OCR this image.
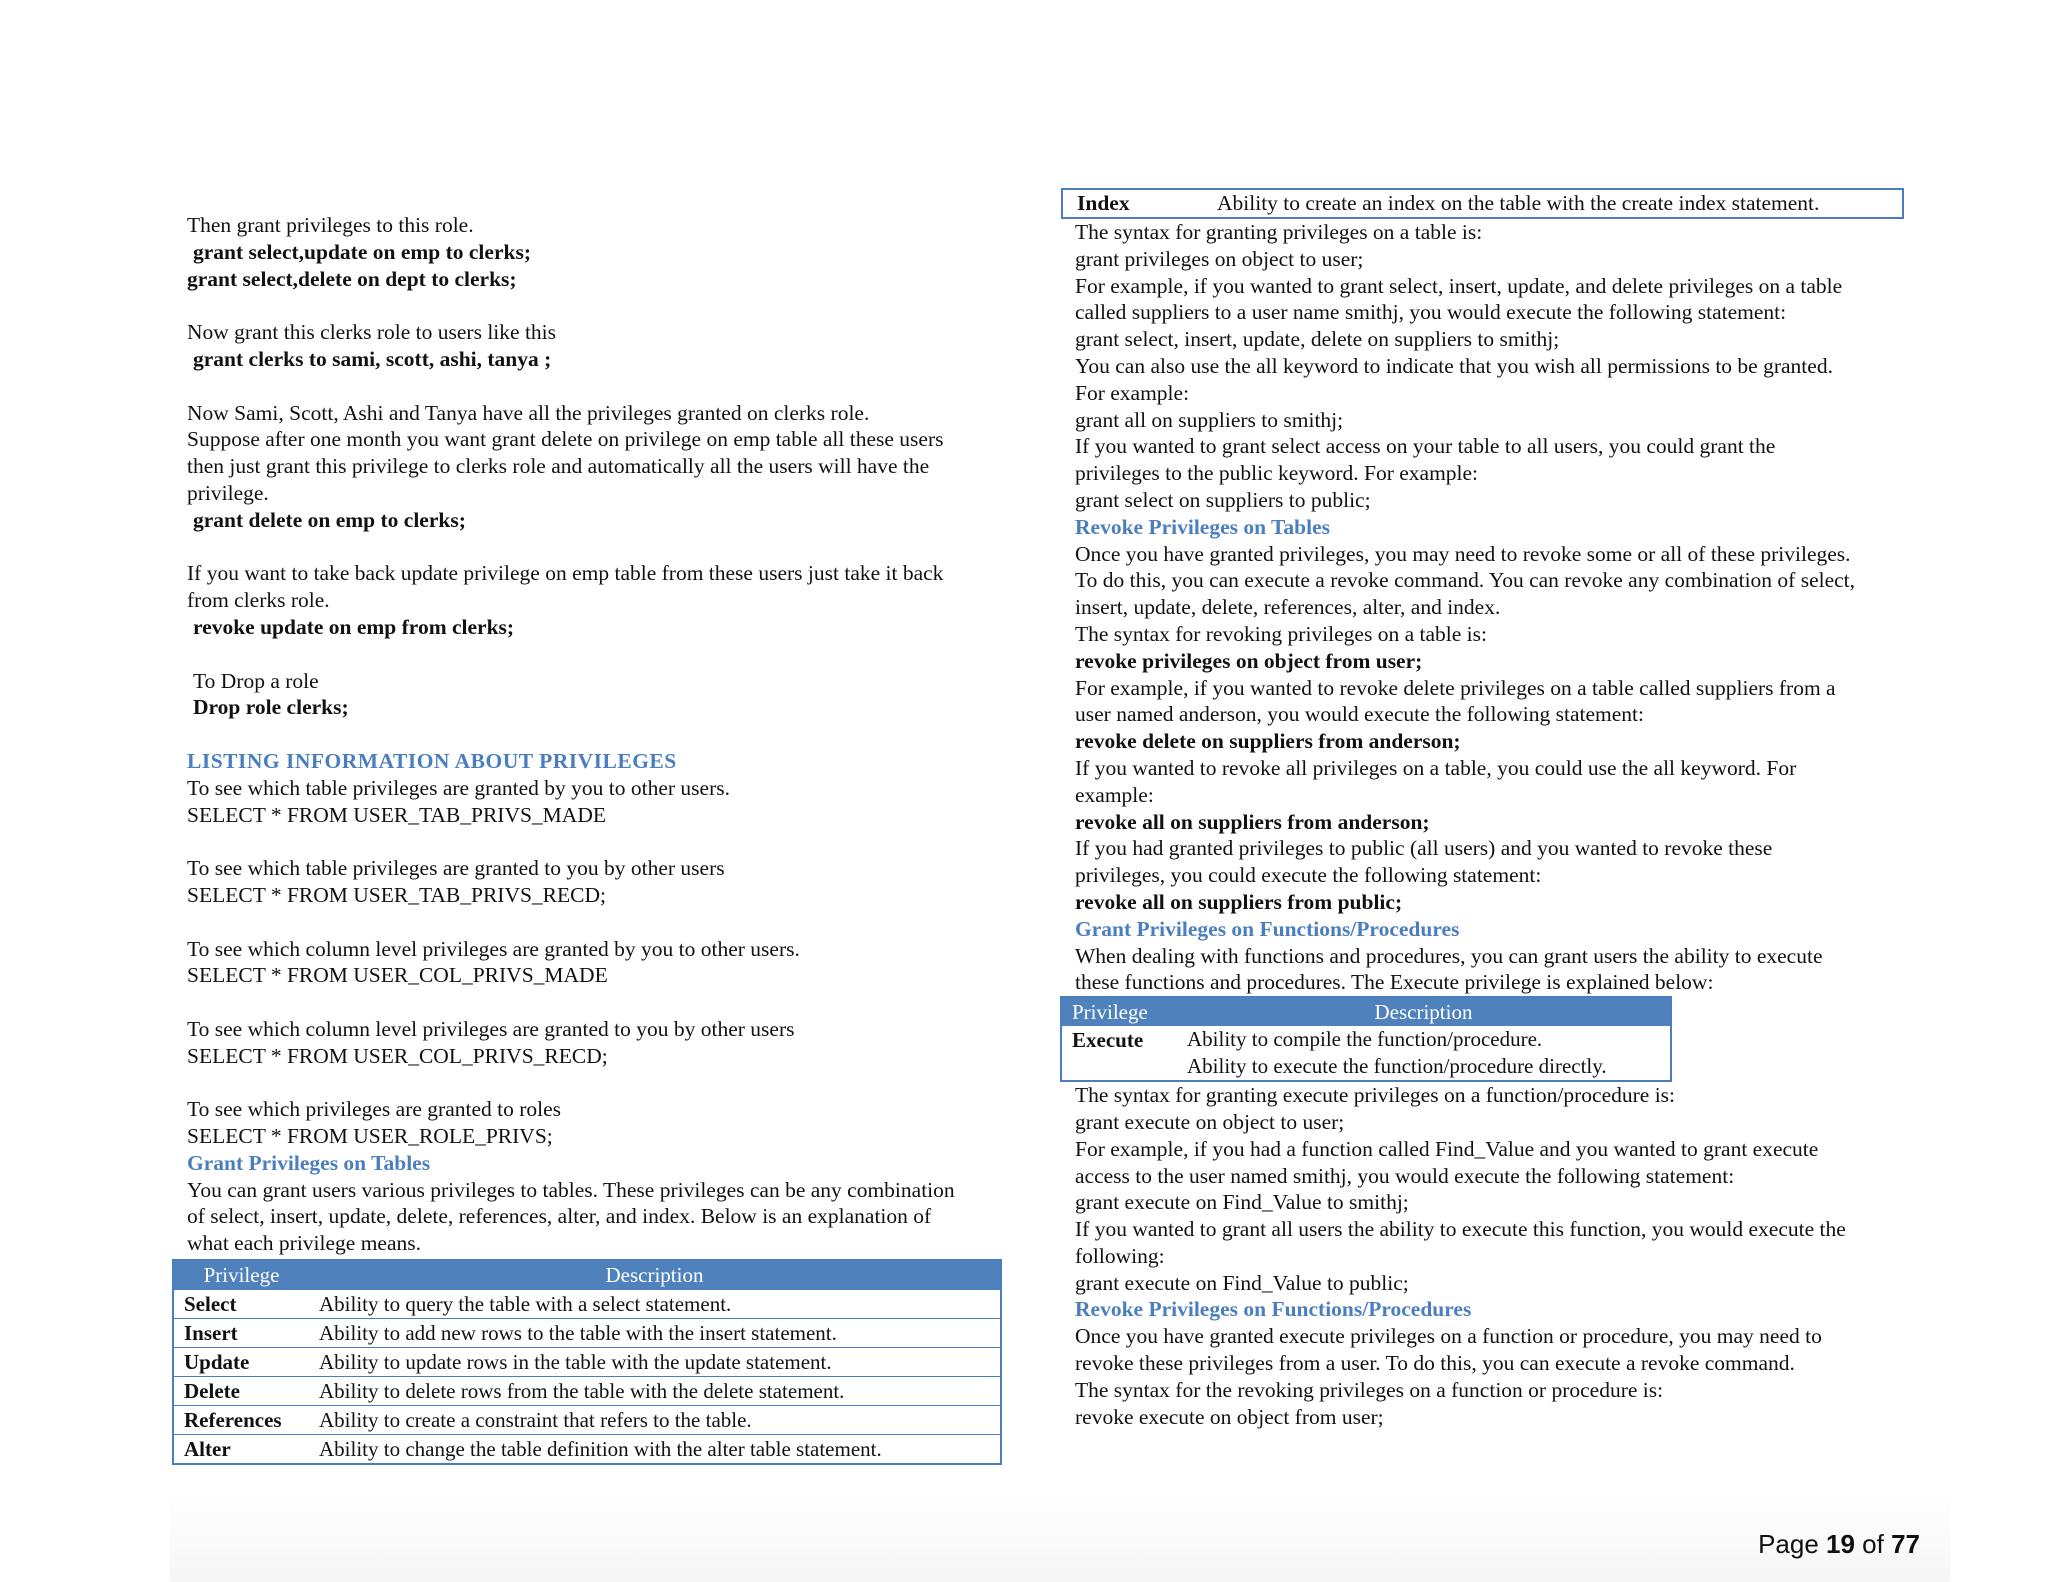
Then grant privileges to this role.

grant select,update on emp to clerks;

grant select,delete on dept to clerks;

Now grant this clerks role to users like this

grant clerks to sami, scott, ashi, tanya ;

Now Sami, Scott, Ashi and Tanya have all the privileges granted on clerks role.

Suppose after one month you want grant delete on privilege on emp table all these users

then just grant this privilege to clerks role and automatically all the users will have the

privilege.

grant delete on emp to clerks;

If you want to take back update privilege on emp table from these users just take it back

from clerks role.

revoke update on emp from clerks;

To Drop a role

Drop role clerks;

LISTING INFORMATION ABOUT PRIVILEGES

To see which table privileges are granted by you to other users.

SELECT * FROM USER_TAB_PRIVS_MADE

To see which table privileges are granted to you by other users

SELECT * FROM USER_TAB_PRIVS_RECD;

To see which column level privileges are granted by you to other users.

SELECT * FROM USER_COL_PRIVS_MADE

To see which column level privileges are granted to you by other users

SELECT * FROM USER_COL_PRIVS_RECD;

To see which privileges are granted to roles

SELECT * FROM USER_ROLE_PRIVS;

Grant Privileges on Tables

You can grant users various privileges to tables. These privileges can be any combination

of select, insert, update, delete, references, alter, and index. Below is an explanation of

what each privilege means.

Privilege	Description
Select	Ability to query the table with a select statement.
Insert	Ability to add new rows to the table with the insert statement.
Update	Ability to update rows in the table with the update statement.
Delete	Ability to delete rows from the table with the delete statement.
References	Ability to create a constraint that refers to the table.
Alter	Ability to change the table definition with the alter table statement.
Index	Ability to create an index on the table with the create index statement.

The syntax for granting privileges on a table is:

grant privileges on object to user;

For example, if you wanted to grant select, insert, update, and delete privileges on a table

called suppliers to a user name smithj, you would execute the following statement:

grant select, insert, update, delete on suppliers to smithj;

You can also use the all keyword to indicate that you wish all permissions to be granted.

For example:

grant all on suppliers to smithj;

If you wanted to grant select access on your table to all users, you could grant the

privileges to the public keyword. For example:

grant select on suppliers to public;

Revoke Privileges on Tables

Once you have granted privileges, you may need to revoke some or all of these privileges.

To do this, you can execute a revoke command. You can revoke any combination of select,

insert, update, delete, references, alter, and index.

The syntax for revoking privileges on a table is:

revoke privileges on object from user;

For example, if you wanted to revoke delete privileges on a table called suppliers from a

user named anderson, you would execute the following statement:

revoke delete on suppliers from anderson;

If you wanted to revoke all privileges on a table, you could use the all keyword. For

example:

revoke all on suppliers from anderson;

If you had granted privileges to public (all users) and you wanted to revoke these

privileges, you could execute the following statement:

revoke all on suppliers from public;

Grant Privileges on Functions/Procedures

When dealing with functions and procedures, you can grant users the ability to execute

these functions and procedures. The Execute privilege is explained below:

Privilege	Description
Execute	Ability to compile the function/procedure.
Ability to execute the function/procedure directly.

The syntax for granting execute privileges on a function/procedure is:

grant execute on object to user;

For example, if you had a function called Find_Value and you wanted to grant execute

access to the user named smithj, you would execute the following statement:

grant execute on Find_Value to smithj;

If you wanted to grant all users the ability to execute this function, you would execute the

following:

grant execute on Find_Value to public;

Revoke Privileges on Functions/Procedures

Once you have granted execute privileges on a function or procedure, you may need to

revoke these privileges from a user. To do this, you can execute a revoke command.

The syntax for the revoking privileges on a function or procedure is:

revoke execute on object from user;

Page 19 of 77
